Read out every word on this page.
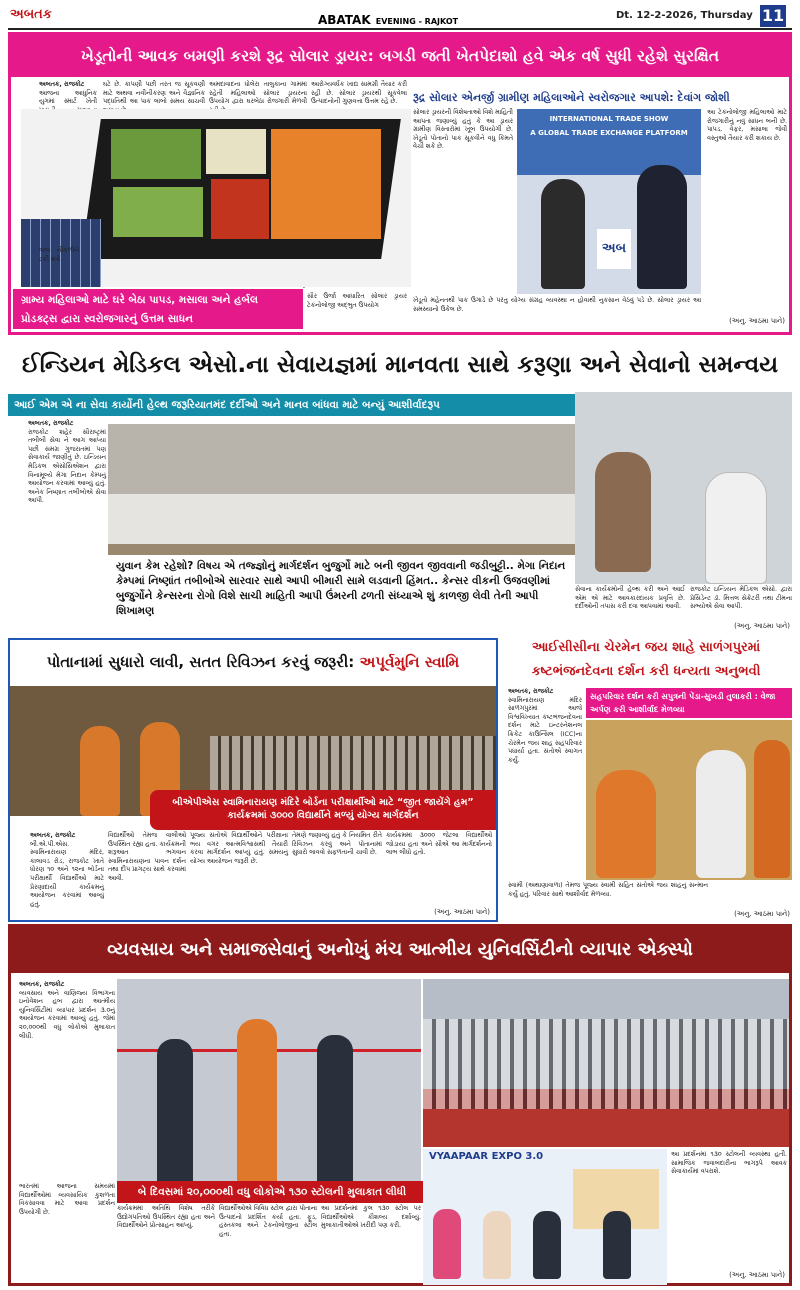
અબતક	ABATAK EVENING - RAJKOT
Dt. 12-2-2026, Thursday 11
ખેડૂતોની આવક બમણી કરશે રૂદ્ર સોલાર ડ્રાયર: બગડી જતી ખેતપેદાશો હવે એક વર્ષ સુધી રહેશે સુરક્ષિત
અબતક, રાજકોટ
આજના આધુનિક યુગમાં સ્માર્ટ ખેતી
ઘટે છે. કાપણી પછી તરત જ સૂકવણી માટે અથવા નવીનીકરણ અને વૈજ્ઞાનિક પદ્ધતિથી આ પાક લાંબો સમય સાચવી
અમદાવાદના ધોલેરા તાલુકાના ગામમાં રહેતી મહિલાઓ સોલાર ડ્રાયરના ઉપયોગ દ્વારા ઘરબેઠા રોજગારી મેળવી
આરોગ્યવર્ધક ખાદ્ય સામગ્રી તૈયાર કરી રહી છે. સોલાર ડ્રાયરથી સૂકવેલા ઉત્પાદનોની ગુણવત્તા ઉત્તમ રહે છે.
બજ નીકળીને ટકી શકે.
ગ્રામ્ય મહિલાઓ માટે ઘરે બેઠા પાપડ, મસાલા અને હર્બલ પ્રોડક્ટ્સ દ્વારા સ્વરોજગારનું ઉત્તમ સાધન
સૌર ઉર્જા આધારિત સોલાર ડ્રાયર ટેકનોલોજી અદ્ભુત ઉપયોગ
રૂદ્ર સોલાર એનર્જી ગ્રામીણ મહિલાઓને સ્વરોજગાર આપશે: દેવાંગ જોશી
સોલાર ડ્રાયરની વિશેષતાઓ વિશે માહિતી આપતા જણાવ્યું હતું કે આ ડ્રાયર ગ્રામીણ વિસ્તારોમાં ખૂબ ઉપયોગી છે. ખેડૂતો પોતાનો પાક સૂકવીને વધુ કિંમતે વેચી શકે છે.
INTERNATIONAL TRADE SHOW
A GLOBAL TRADE EXCHANGE PLATFORM
અબ
આ ટેકનોલોજી મહિલાઓ માટે રોજગારીનું નવું સાધન બની છે. પાપડ, વેફર, મસાલા જેવી વસ્તુઓ તૈયાર કરી શકાય છે.
ખેડૂતો મહેનતથી પાક ઉગાડે છે પરંતુ યોગ્ય સંગ્રહ વ્યવસ્થા ન હોવાથી નુકસાન વેઠવું પડે છે. સોલાર ડ્રાયર આ સમસ્યાનો ઉકેલ છે.
(અનુ. આઠમા પાને)
ઈન્ડિયન મેડિકલ એસો.ના સેવાયજ્ઞમાં માનવતા સાથે કરૂણા અને સેવાનો સમન્વય
આઈ એમ એ ના સેવા કાર્યોની હેલ્થ જરૂરિયાતમંદ દર્દીઓ અને માનવ બાંધવા માટે બન્યું આશીર્વાદરૂપ
અબતક, રાજકોટ
રાજકોટ શહેર સૌરાષ્ટ્રમાં તબીબી સેવા ને આગ આપ્યા પછી સમગ્ર ગુજરાતમાં પણ સેવાકાર્ય જાણીતું છે. ઇન્ડિયન મેડિકલ એસોસિએશન દ્વારા વિનામૂલ્યે મેગા નિદાન કેમ્પનું આયોજન કરવામાં આવ્યું હતું. અનેક નિષ્ણાત તબીબોએ સેવા આપી.
યુવાન કેમ રહેશો? વિષય એ તજ્જ્ઞોનું માર્ગદર્શન બુજુર્ગો માટે બની જીવન જીવવાની જડીબુટ્ટી.. મેગા નિદાન કેમ્પમાં નિષ્ણાંત તબીબોએ સારવાર સાથે આપી બીમારી સામે લડવાની હિંમત.. કેન્સર વીકની ઉજવણીમાં બુજુર્ગોને કેન્સરના રોગો વિશે સાચી માહિતી આપી ઉંમરની ઢળતી સંધ્યાએ શું કાળજી લેવી તેની આપી શિખામણ
સેવાના કાર્યક્રમોની હેલ્થ કરી અને આઈ એમ એ માટે આવકારદાયક પ્રવૃત્તિ છે. દર્દીઓની તપાસ કરી દવા આપવામાં આવી.
રાજકોટ ઇન્ડિયન મેડિકલ એસો. દ્વારા પ્રેસિડેન્ટ ડૉ. મિત્તલ સેક્રેટરી તથા ટીમના સભ્યોએ સેવા આપી.
(અનુ. આઠમા પાને)
પોતાનામાં સુધારો લાવી, સતત રિવિઝન કરવું જરૂરી: અપૂર્વમુનિ સ્વામિ
બીએપીએસ સ્વામિનારાયણ મંદિરે બોર્ડના પરીક્ષાર્થીઓ માટે “જીત જાયેંગે હમ” કાર્યક્રમમાં ૩૦૦૦ વિદ્યાર્થીને મળ્યું યોગ્ય માર્ગદર્શન
અબતક, રાજકોટ
બી.એ.પી.એસ. સ્વામિનારાયણ મંદિર, કાલાવડ રોડ, રાજકોટ ખાતે ધોરણ ૧૦ અને ૧૨ના બોર્ડના પરીક્ષાર્થી વિદ્યાર્થીઓ માટે પ્રેરણાદાયી કાર્યક્રમનું આયોજન કરવામાં આવ્યું હતું.
વિદ્યાર્થીઓ તેમજ વાલીઓ ઉપસ્થિત રહ્યા હતા. કાર્યક્રમની શરૂઆત ભગવાન સ્વામિનારાયણના પાવન દર્શન તથા દીપ પ્રાગટ્ય સાથે કરવામાં આવી.
પૂજ્ય સંતોએ વિદ્યાર્થીઓને પરીક્ષાના ભય વગર આત્મવિશ્વાસથી તૈયારી કરવા માર્ગદર્શન આપ્યું હતું. સમયનું યોગ્ય આયોજન જરૂરી છે.
તેમણે જણાવ્યું હતું કે નિયમિત રીતે રિવિઝન કરવું અને પોતાનામાં સુધારો લાવવો સફળતાની ચાવી છે.
કાર્યક્રમમાં ૩૦૦૦ જેટલા વિદ્યાર્થીઓ જોડાયા હતા અને સૌએ આ માર્ગદર્શનનો લાભ લીધો હતો.
(અનુ. આઠમા પાને)
આઈસીસીના ચેરમેન જય શાહે સાળંગપુરમાં
કષ્ટભંજનદેવના દર્શન કરી ધન્યતા અનુભવી
અબતક, રાજકોટ
સ્વામિનારાયણ મંદિર સાળંગપુરમાં આજે વિશ્વવિખ્યાત કષ્ટભંજનદેવના દર્શન માટે ઇન્ટરનેશનલ ક્રિકેટ કાઉન્સિલ (ICC)ના ચેરમેન જય શાહ સહપરિવાર પધાર્યા હતા. સંતોએ સ્વાગત કર્યું.
સહપરિવાર દર્શન કરી સપુત્રની પેંડા-સુખડી તુલાકરી : વેજા અર્પણ કરી આશીર્વાદ મેળવ્યા
સ્વામી (અથાણાવાળા) તેમજ પૂજ્ય સ્વામી સહિત સંતોએ જય શાહનું સન્માન કર્યું હતું. પરિવાર સાથે આશીર્વાદ મેળવ્યા.
(અનુ. આઠમા પાને)
વ્યવસાય અને સમાજસેવાનું અનોખું મંચ આત્મીય યુનિવર્સિટીનો વ્યાપાર એક્સ્પો
અબતક, રાજકોટ
વ્યવસાય અને વાણિજ્ય વિભાગના ઇનોવેશન હબ દ્વારા આત્મીય યુનિવર્સિટીમાં વ્યાપાર પ્રદર્શન ૩.૦નું આયોજન કરવામાં આવ્યું હતું. જેમાં ૨૦,૦૦૦થી વધુ લોકોએ મુલાકાત લીધી.
બે દિવસમાં ૨૦,૦૦૦થી વધુ લોકોએ ૧૩૦ સ્ટોલની મુલાકાત લીધી
ભારતમાં આજના સમયમાં વિદ્યાર્થીઓમાં વ્યવસાયિક કુશળતા વિકસાવવા માટે આવા પ્રદર્શન ઉપયોગી છે.
કાર્યક્રમમાં અતિથિ વિશેષ તરીકે ઉદ્યોગપતિઓ ઉપસ્થિત રહ્યા હતા અને વિદ્યાર્થીઓને પ્રોત્સાહન આપ્યું.
વિદ્યાર્થીઓએ વિવિધ સ્ટોલ દ્વારા પોતાના ઉત્પાદનો પ્રદર્શિત કર્યા હતા. ફૂડ, હસ્તકલા અને ટેકનોલોજીના સ્ટોલ હતા.
આ પ્રદર્શનમાં કુલ ૧૩૦ સ્ટોલ પર વિદ્યાર્થીઓએ કૌશલ્ય દર્શાવ્યું. મુલાકાતીઓએ ખરીદી પણ કરી.
VYAAPAAR EXPO 3.0	આ પ્રદર્શનમાં ૧૩૦ સ્ટોલની વ્યવસ્થા હતી. સામાજિક જવાબદારીના ભાગરૂપે આવક સેવાકાર્યમાં વપરાશે.
(અનુ. આઠમા પાને)
